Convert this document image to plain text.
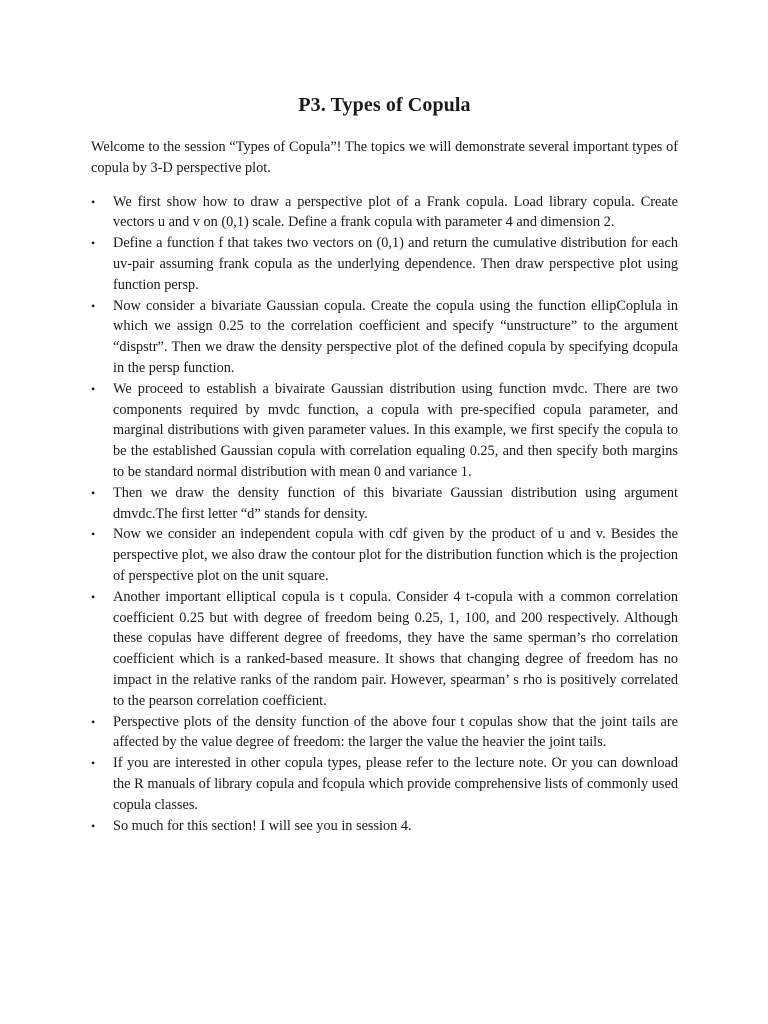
P3. Types of Copula

Welcome to the session “Types of Copula”! The topics we will demonstrate several important types of copula by 3-D perspective plot.

•	We first show how to draw a perspective plot of a Frank copula. Load library copula. Create vectors u and v on (0,1) scale. Define a frank copula with parameter 4 and dimension 2.
•	Define a function f that takes two vectors on (0,1) and return the cumulative distribution for each uv-pair assuming frank copula as the underlying dependence. Then draw perspective plot using function persp.
•	Now consider a bivariate Gaussian copula. Create the copula using the function ellipCoplula in which we assign 0.25 to the correlation coefficient and specify “unstructure” to the argument “dispstr”. Then we draw the density perspective plot of the defined copula by specifying dcopula in the persp function.
•	We proceed to establish a bivairate Gaussian distribution using function mvdc. There are two components required by mvdc function, a copula with pre-specified copula parameter, and marginal distributions with given parameter values. In this example, we first specify the copula to be the established Gaussian copula with correlation equaling 0.25, and then specify both margins to be standard normal distribution with mean 0 and variance 1.
•	Then we draw the density function of this bivariate Gaussian distribution using argument dmvdc.The first letter “d” stands for density.
•	Now we consider an independent copula with cdf given by the product of u and v. Besides the perspective plot, we also draw the contour plot for the distribution function which is the projection of perspective plot on the unit square.
•	Another important elliptical copula is t copula. Consider 4 t-copula with a common correlation coefficient 0.25 but with degree of freedom being 0.25, 1, 100, and 200 respectively. Although these copulas have different degree of freedoms, they have the same sperman’s rho correlation coefficient which is a ranked-based measure. It shows that changing degree of freedom has no impact in the relative ranks of the random pair. However, spearman’ s rho is positively correlated to the pearson correlation coefficient.
•	Perspective plots of the density function of the above four t copulas show that the joint tails are affected by the value degree of freedom: the larger the value the heavier the joint tails.
•	If you are interested in other copula types, please refer to the lecture note. Or you can download the R manuals of library copula and fcopula which provide comprehensive lists of commonly used copula classes.
•	So much for this section! I will see you in session 4.
